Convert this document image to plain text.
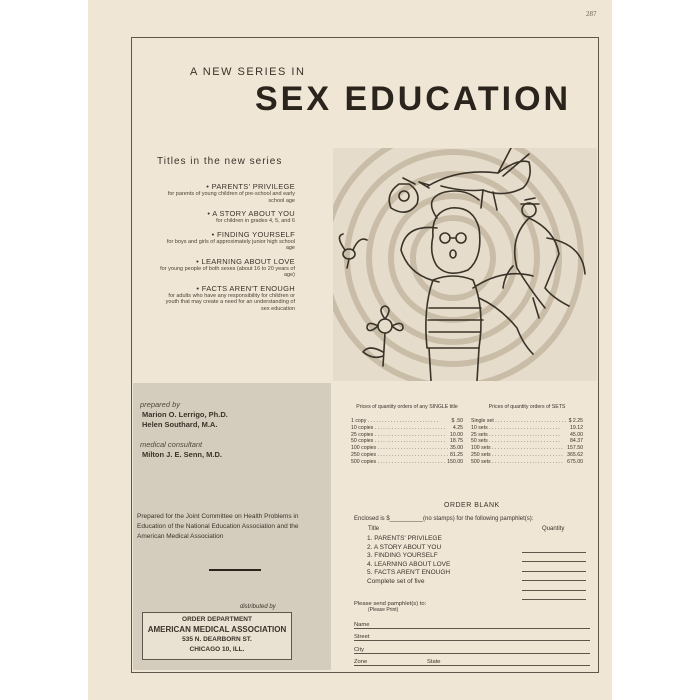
287
A NEW SERIES IN
SEX EDUCATION
Titles in the new series
• PARENTS' PRIVILEGE
for parents of young children of pre-school and early school age
• A STORY ABOUT YOU
for children in grades 4, 5, and 6
• FINDING YOURSELF
for boys and girls of approximately junior high school age
• LEARNING ABOUT LOVE
for young people of both sexes (about 16 to 20 years of age)
• FACTS AREN'T ENOUGH
for adults who have any responsibility for children or youth that may create a need for an understanding of sex education
prepared by
Marion O. Lerrigo, Ph.D.
Helen Southard, M.A.
medical consultant
Milton J. E. Senn, M.D.
Prepared for the Joint Committee on Health Problems in Education of the National Education Association and the American Medical Association
distributed by
ORDER DEPARTMENT
AMERICAN MEDICAL ASSOCIATION
535 N. DEARBORN ST.
CHICAGO 10, ILL.
Prices of quantity orders of any SINGLE title
1 copy . . .	$ .50
10 copies . . .	4.25
25 copies . . .	10.00
50 copies . . .	18.75
100 copies . . .	35.00
250 copies . . .	81.25
500 copies . . .	150.00
Prices of quantity orders of SETS
Single set . . .	$ 2.25
10 sets . . .	19.12
25 sets . . .	45.00
50 sets . . .	84.37
100 sets . . .	157.50
250 sets . . .	365.62
500 sets . . .	675.00
ORDER BLANK
Enclosed is $__________(no stamps) for the following pamphlet(s):
Title	Quantity
1. PARENTS' PRIVILEGE
2. A STORY ABOUT YOU
3. FINDING YOURSELF
4. LEARNING ABOUT LOVE
5. FACTS AREN'T ENOUGH
Complete set of five
Please send pamphlet(s) to:
(Please Print)
Name
Street
City
Zone	State
